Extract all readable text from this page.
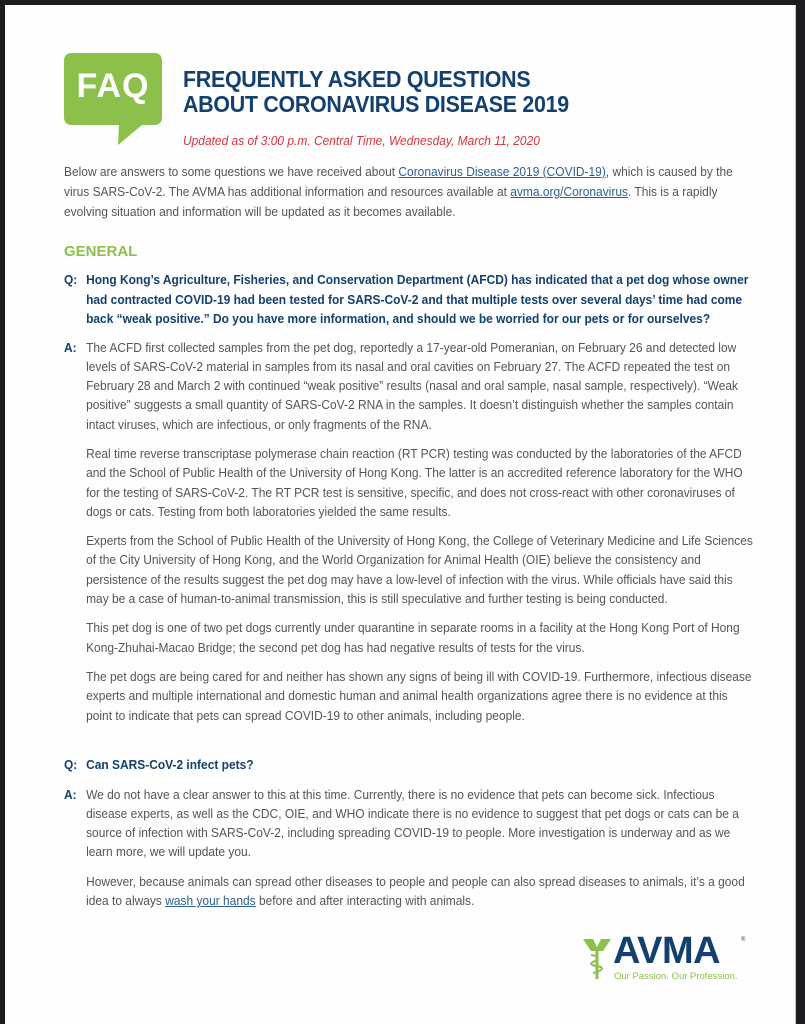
FAQ FREQUENTLY ASKED QUESTIONS
ABOUT CORONAVIRUS DISEASE 2019
Updated as of 3:00 p.m. Central Time, Wednesday, March 11, 2020
Below are answers to some questions we have received about Coronavirus Disease 2019 (COVID-19), which is caused by the virus SARS-CoV-2. The AVMA has additional information and resources available at avma.org/Coronavirus. This is a rapidly evolving situation and information will be updated as it becomes available.
GENERAL
Q: Hong Kong’s Agriculture, Fisheries, and Conservation Department (AFCD) has indicated that a pet dog whose owner had contracted COVID-19 had been tested for SARS-CoV-2 and that multiple tests over several days’ time had come back “weak positive.” Do you have more information, and should we be worried for our pets or for ourselves?
A: The ACFD first collected samples from the pet dog, reportedly a 17-year-old Pomeranian, on February 26 and detected low levels of SARS-CoV-2 material in samples from its nasal and oral cavities on February 27. The ACFD repeated the test on February 28 and March 2 with continued “weak positive” results (nasal and oral sample, nasal sample, respectively). “Weak positive” suggests a small quantity of SARS-CoV-2 RNA in the samples. It doesn’t distinguish whether the samples contain intact viruses, which are infectious, or only fragments of the RNA.

Real time reverse transcriptase polymerase chain reaction (RT PCR) testing was conducted by the laboratories of the AFCD and the School of Public Health of the University of Hong Kong. The latter is an accredited reference laboratory for the WHO for the testing of SARS-CoV-2. The RT PCR test is sensitive, specific, and does not cross-react with other coronaviruses of dogs or cats. Testing from both laboratories yielded the same results.

Experts from the School of Public Health of the University of Hong Kong, the College of Veterinary Medicine and Life Sciences of the City University of Hong Kong, and the World Organization for Animal Health (OIE) believe the consistency and persistence of the results suggest the pet dog may have a low-level of infection with the virus. While officials have said this may be a case of human-to-animal transmission, this is still speculative and further testing is being conducted.

This pet dog is one of two pet dogs currently under quarantine in separate rooms in a facility at the Hong Kong Port of Hong Kong-Zhuhai-Macao Bridge; the second pet dog has had negative results of tests for the virus.

The pet dogs are being cared for and neither has shown any signs of being ill with COVID-19. Furthermore, infectious disease experts and multiple international and domestic human and animal health organizations agree there is no evidence at this point to indicate that pets can spread COVID-19 to other animals, including people.

Q: Can SARS-CoV-2 infect pets?
A: We do not have a clear answer to this at this time. Currently, there is no evidence that pets can become sick. Infectious disease experts, as well as the CDC, OIE, and WHO indicate there is no evidence to suggest that pet dogs or cats can be a source of infection with SARS-CoV-2, including spreading COVID-19 to people. More investigation is underway and as we learn more, we will update you.

However, because animals can spread other diseases to people and people can also spread diseases to animals, it’s a good idea to always wash your hands before and after interacting with animals.

AVMA	®
Our Passion. Our Profession.
